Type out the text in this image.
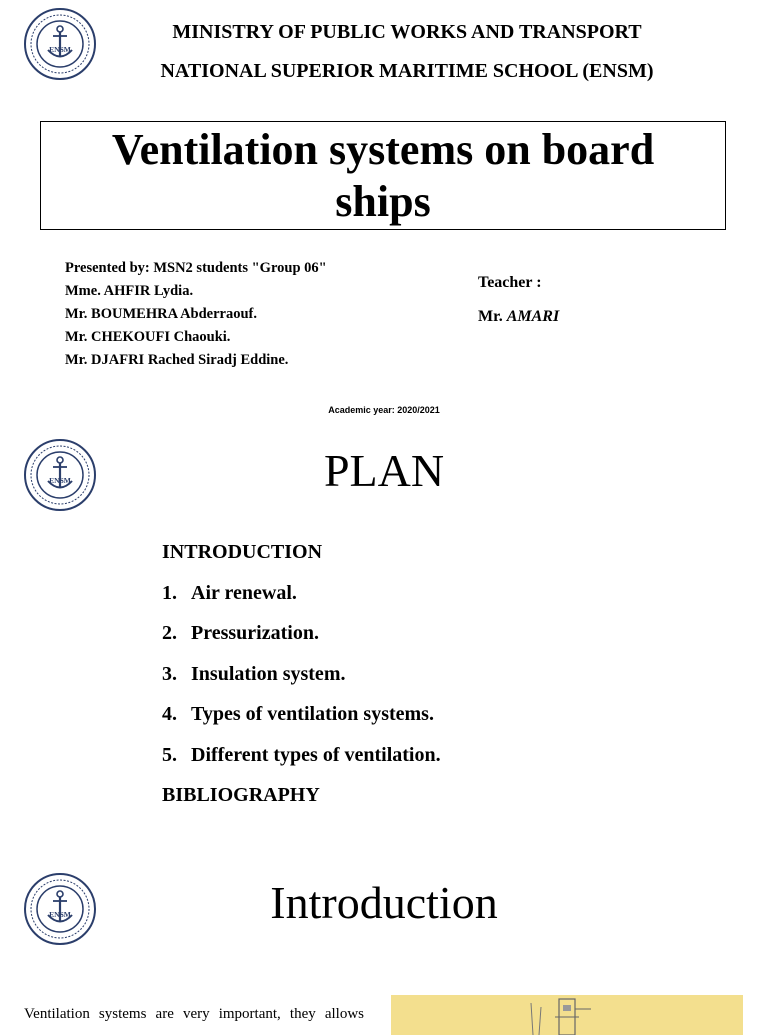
ENSM
MINISTRY OF PUBLIC WORKS AND TRANSPORT
NATIONAL SUPERIOR MARITIME SCHOOL (ENSM)
Ventilation systems on board ships
Presented by: MSN2 students "Group 06"
Mme. AHFIR Lydia.
Mr. BOUMEHRA Abderraouf.
Mr. CHEKOUFI Chaouki.
Mr. DJAFRI Rached Siradj Eddine.
Teacher :
Mr. AMARI
Academic year: 2020/2021
ENSM	PLAN
INTRODUCTION
1. Air renewal.
2. Pressurization.
3. Insulation system.
4. Types of ventilation systems.
5. Different types of ventilation.
BIBLIOGRAPHY
ENSM	Introduction
Ventilation systems are very important, they allows
